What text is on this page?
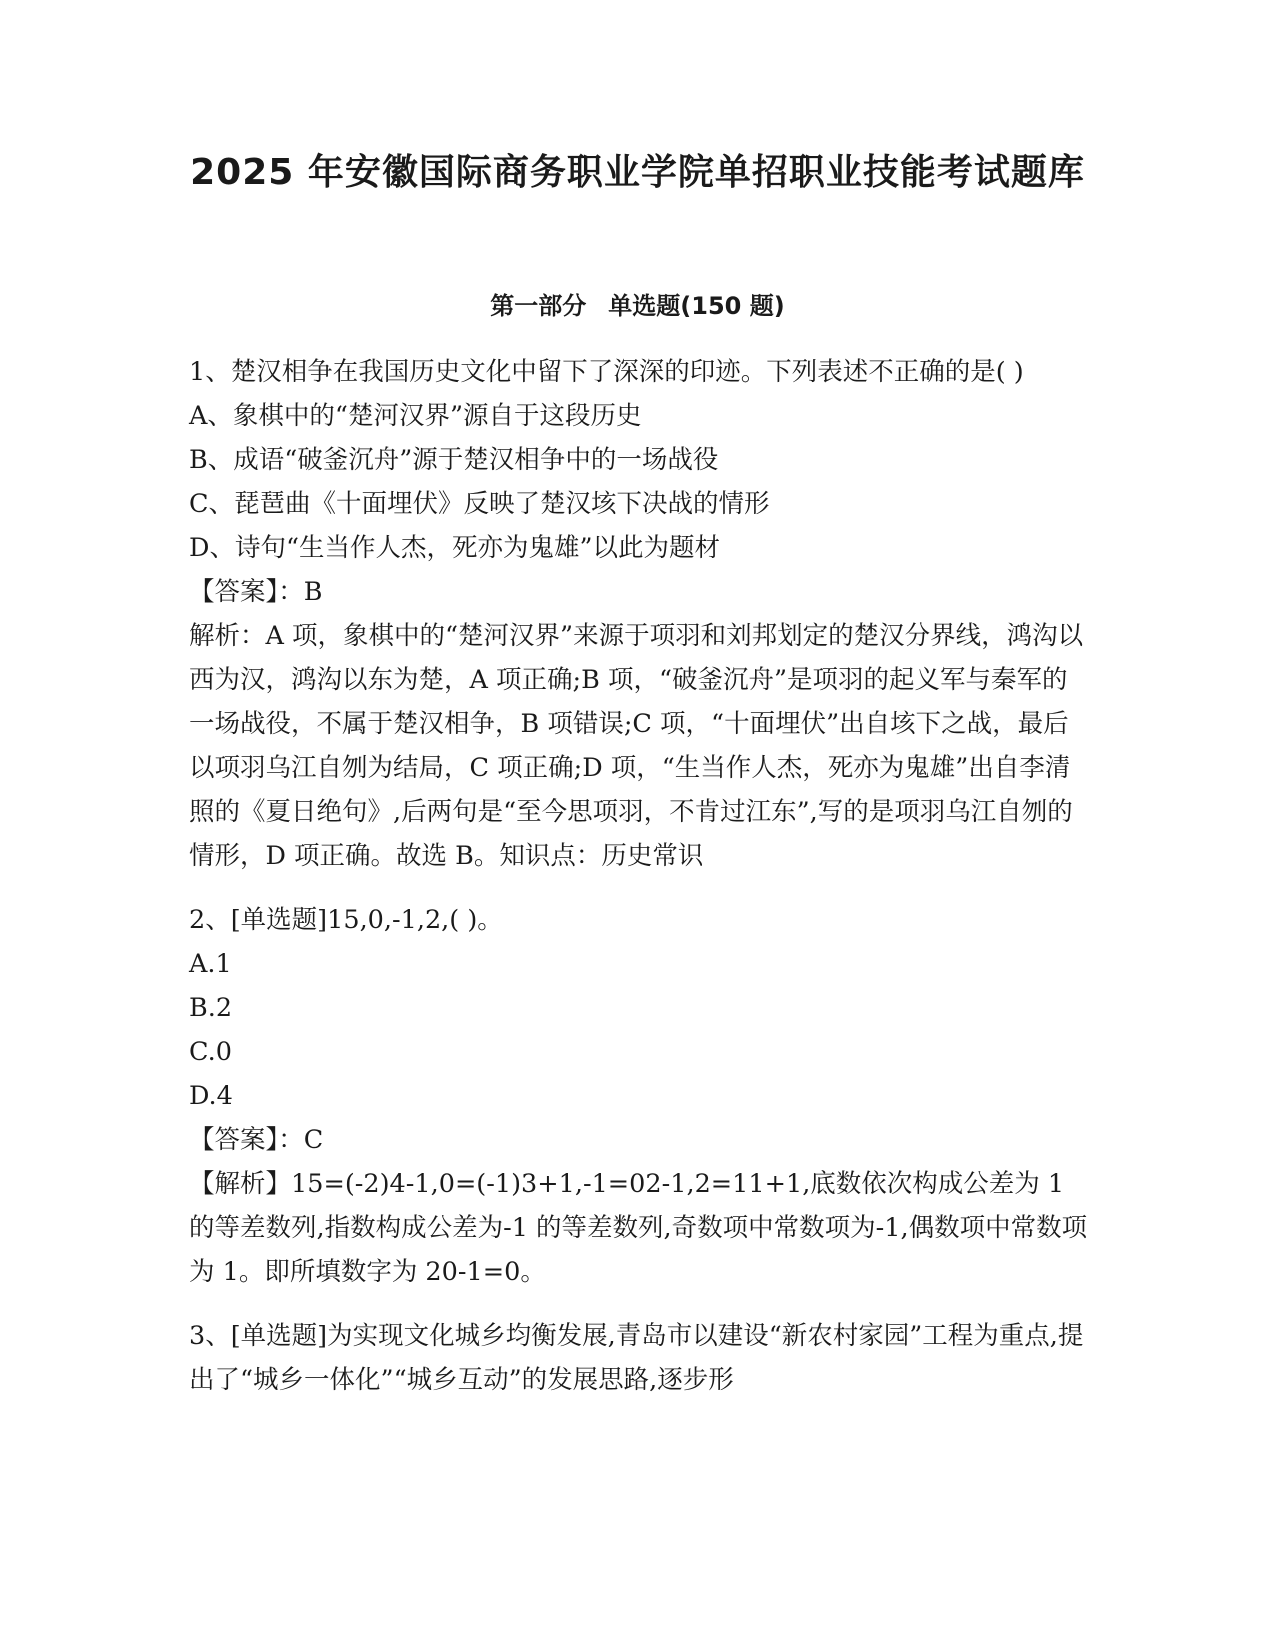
2025 年安徽国际商务职业学院单招职业技能考试题库
第一部分 单选题(150 题)

1、楚汉相争在我国历史文化中留下了深深的印迹。下列表述不正确的是( )

A、象棋中的“楚河汉界”源自于这段历史

B、成语“破釜沉舟”源于楚汉相争中的一场战役

C、琵琶曲《十面埋伏》反映了楚汉垓下决战的情形

D、诗句“生当作人杰，死亦为鬼雄”以此为题材

【答案】：B

解析：A 项，象棋中的“楚河汉界”来源于项羽和刘邦划定的楚汉分界线，鸿沟以西为汉，鸿沟以东为楚，A 项正确;B 项，“破釜沉舟”是项羽的起义军与秦军的一场战役，不属于楚汉相争，B 项错误;C 项，“十面埋伏”出自垓下之战，最后以项羽乌江自刎为结局，C 项正确;D 项，“生当作人杰，死亦为鬼雄”出自李清照的《夏日绝句》,后两句是“至今思项羽，不肯过江东”,写的是项羽乌江自刎的情形，D 项正确。故选 B。知识点：历史常识

2、[单选题]15,0,-1,2,( )。

A.1

B.2

C.0

D.4

【答案】：C

【解析】15=(-2)4-1,0=(-1)3+1,-1=02-1,2=11+1,底数依次构成公差为 1 的等差数列,指数构成公差为-1 的等差数列,奇数项中常数项为-1,偶数项中常数项为 1。即所填数字为 20-1=0。

3、[单选题]为实现文化城乡均衡发展,青岛市以建设“新农村家园”工程为重点,提出了“城乡一体化”“城乡互动”的发展思路,逐步形
